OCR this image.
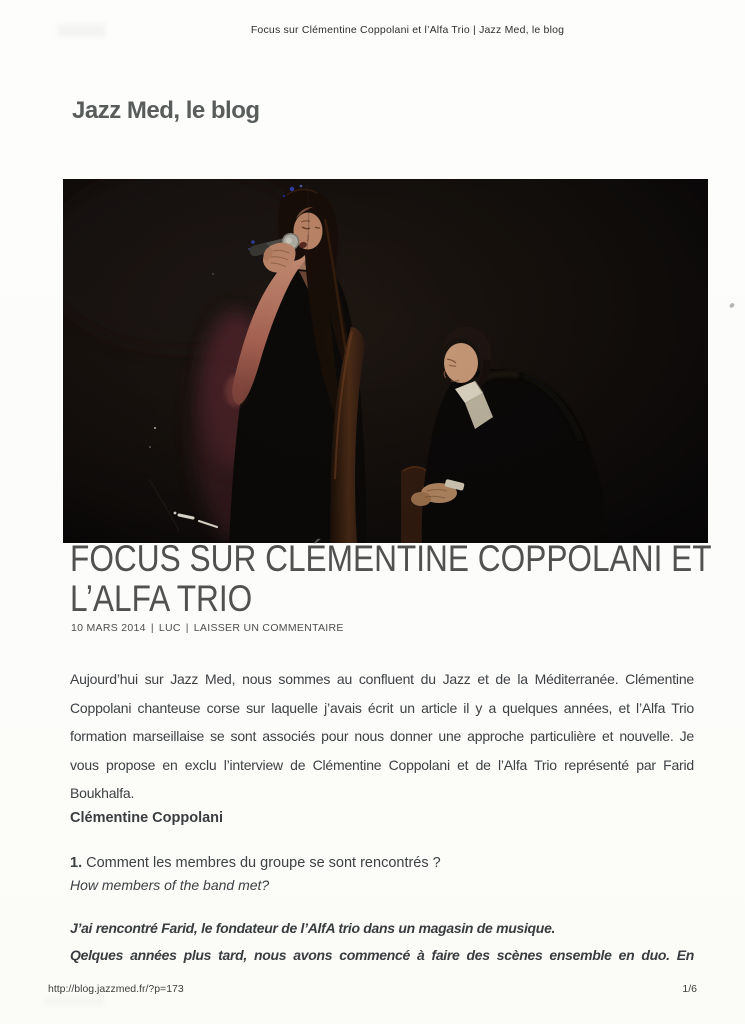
Focus sur Clémentine Coppolani et l’Alfa Trio | Jazz Med, le blog
Jazz Med, le blog
FOCUS SUR CLÉMENTINE COPPOLANI ET
L’ALFA TRIO
10 MARS 2014 | LUC | LAISSER UN COMMENTAIRE

Aujourd’hui sur Jazz Med, nous sommes au confluent du Jazz et de la Méditerranée. Clémentine Coppolani chanteuse corse sur laquelle j’avais écrit un article il y a quelques années, et l’Alfa Trio formation marseillaise se sont associés pour nous donner une approche particulière et nouvelle. Je vous propose en exclu l’interview de Clémentine Coppolani et de l’Alfa Trio représenté par Farid Boukhalfa.

Clémentine Coppolani

1. Comment les membres du groupe se sont rencontrés ?

How members of the band met?

J’ai rencontré Farid, le fondateur de l’AlfA trio dans un magasin de musique.

Qelques années plus tard, nous avons commencé à faire des scènes ensemble en duo. En

http://blog.jazzmed.fr/?p=173	1/6
